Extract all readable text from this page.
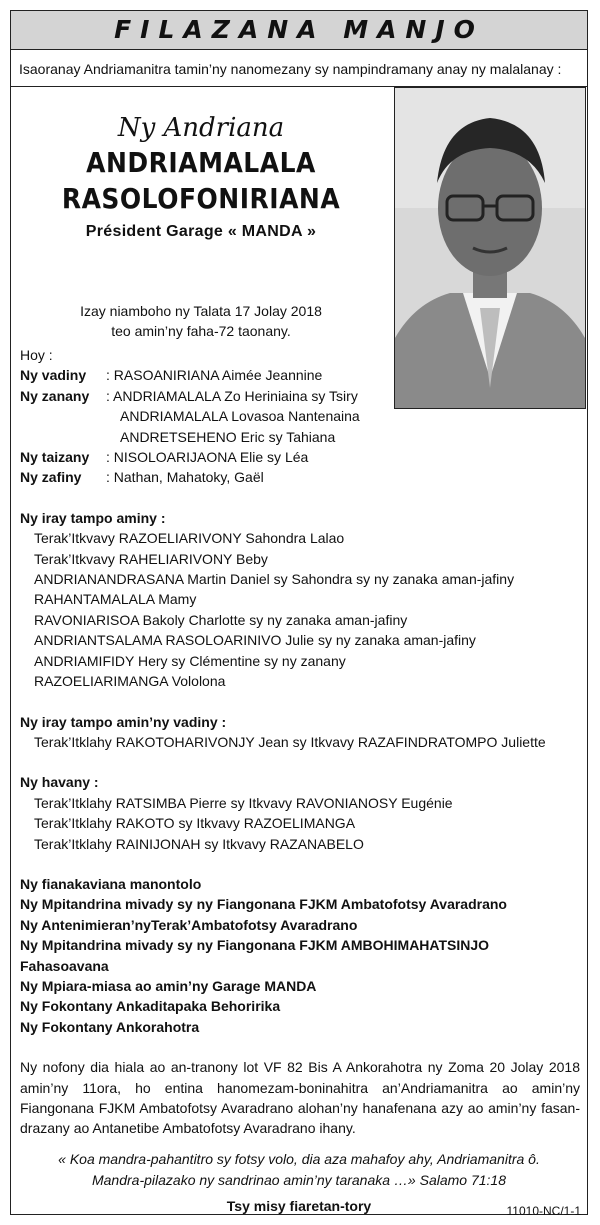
FILAZANA MANJO
Isaoranay Andriamanitra tamin’ny nanomezany sy nampindramany anay ny malalanay :
Ny Andriana
ANDRIAMALALA
RASOLOFONIRIANA
Président Garage « MANDA »
Izay niamboho ny Talata 17 Jolay 2018
teo amin’ny faha-72 taonany.
Hoy :
Ny vadiny	: RASOANIRIANA Aimée Jeannine
Ny zanany	: ANDRIAMALALA Zo Heriniaina sy Tsiry
ANDRIAMALALA Lovasoa Nantenaina
ANDRETSEHENO Eric sy Tahiana
Ny taizany	: NISOLOARIJAONA Elie sy Léa
Ny zafiny	: Nathan, Mahatoky, Gaël
Ny iray tampo aminy :
Terak’Itkvavy RAZOELIARIVONY Sahondra Lalao
Terak’Itkvavy RAHELIARIVONY Beby
ANDRIANANDRASANA Martin Daniel sy Sahondra sy ny zanaka aman-jafiny
RAHANTAMALALA Mamy
RAVONIARISOA Bakoly Charlotte sy ny zanaka aman-jafiny
ANDRIANTSALAMA RASOLOARINIVO Julie sy ny zanaka aman-jafiny
ANDRIAMIFIDY Hery sy Clémentine sy ny zanany
RAZOELIARIMANGA Vololona
Ny iray tampo amin’ny vadiny :
Terak’Itklahy RAKOTOHARIVONJY Jean sy Itkvavy RAZAFINDRATOMPO Juliette
Ny havany :
Terak’Itklahy RATSIMBA Pierre sy Itkvavy RAVONIANOSY Eugénie
Terak’Itklahy RAKOTO sy Itkvavy RAZOELIMANGA
Terak’Itklahy RAINIJONAH sy Itkvavy RAZANABELO
Ny fianakaviana manontolo
Ny Mpitandrina mivady sy ny Fiangonana FJKM Ambatofotsy Avaradrano
Ny Antenimieran’nyTerak’Ambatofotsy Avaradrano
Ny Mpitandrina mivady sy ny Fiangonana FJKM AMBOHIMAHATSINJO Fahasoavana
Ny Mpiara-miasa ao amin’ny Garage MANDA
Ny Fokontany Ankaditapaka Behoririka
Ny Fokontany Ankorahotra
Ny nofony dia hiala ao an-tranony lot VF 82 Bis A Ankorahotra ny Zoma 20 Jolay 2018 amin’ny 11ora, ho entina hanomezam-boninahitra an’Andriamanitra ao amin’ny Fiangonana FJKM Ambatofotsy Avaradrano alohan’ny hanafenana azy ao amin’ny fasan-drazany ao Antanetibe Ambatofotsy Avaradrano ihany.
« Koa mandra-pahantitro sy fotsy volo, dia aza mahafoy ahy, Andriamanitra ô.
Mandra-pilazako ny sandrinao amin’ny taranaka …» Salamo 71:18
Tsy misy fiaretan-tory	11010-NC/1-1
